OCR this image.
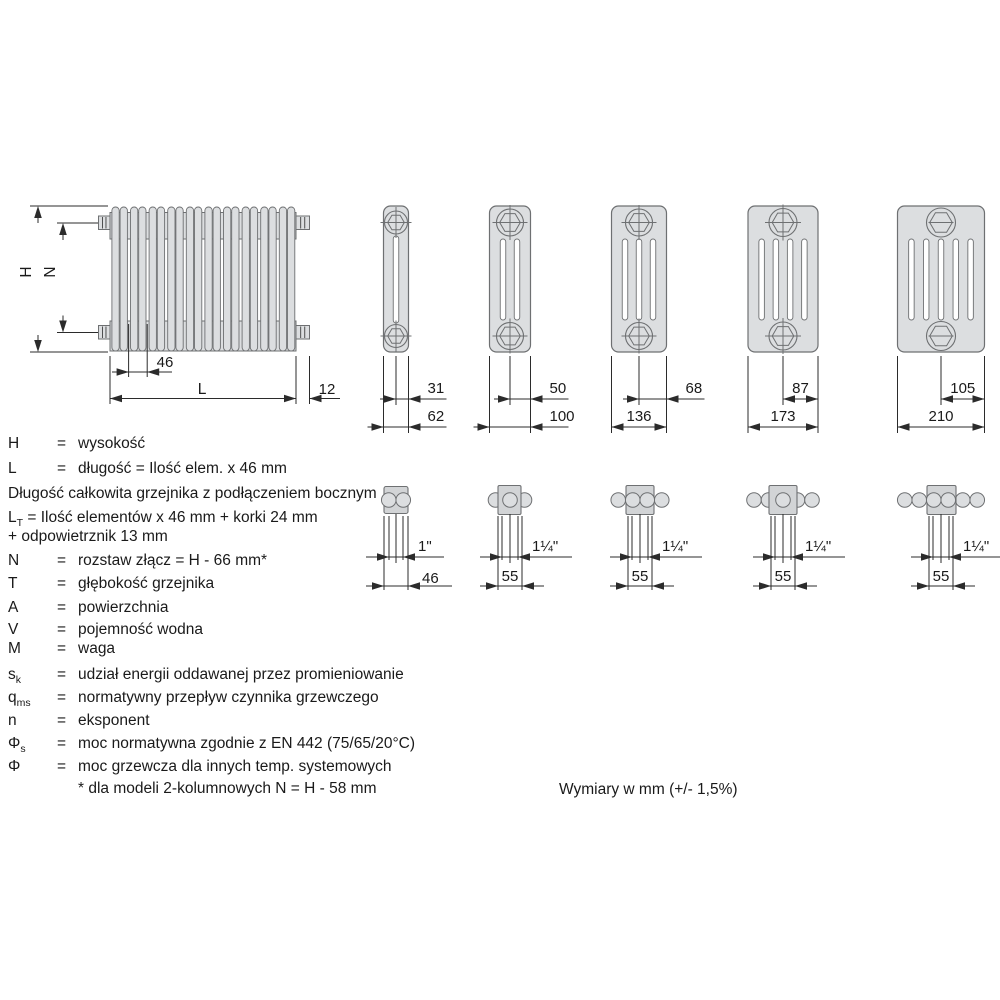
H N
46
L	12	31
62
50
100
68
136
87
173
105
210
1"
46
1¼"
55
1¼"
55
1¼"
55
1¼"
55
H = wysokość
L	= długość = Ilość elem. x 46 mm
Długość całkowita grzejnika z podłączeniem bocznym
$L_T$ = Ilość elementów x 46 mm + korki 24 mm
+ odpowietrznik 13 mm
N = rozstaw złącz = H - 66 mm*
T	= głębokość grzejnika
A = powierzchnia
V = pojemność wodna
M = waga
$s_k$ = udział energii oddawanej przez promieniowanie
$q_{ms}$ = normatywny przepływ czynnika grzewczego
n	= eksponent
$\Phi_s$ = moc normatywna zgodnie z EN 442 (75/65/20°C)
Φ = moc grzewcza dla innych temp. systemowych
* dla modeli 2-kolumnowych N = H - 58 mm	Wymiary w mm (+/- 1,5%)
